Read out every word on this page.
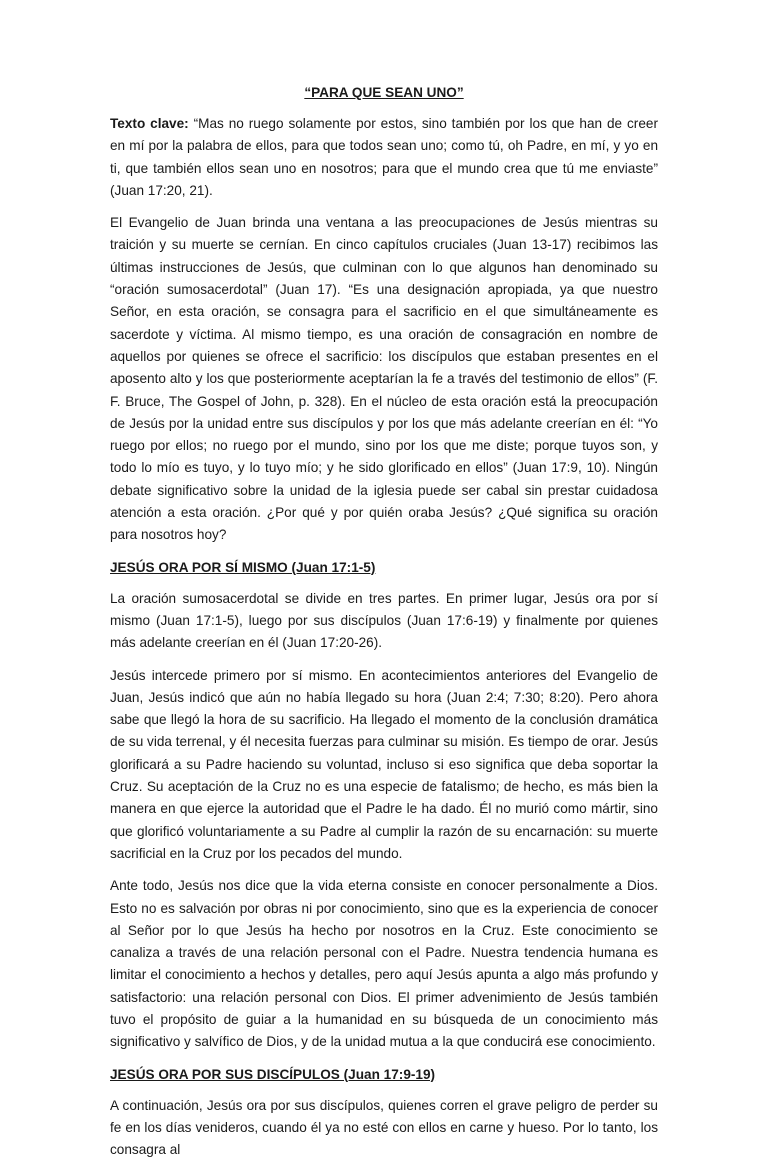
“PARA QUE SEAN UNO”

Texto clave: “Mas no ruego solamente por estos, sino también por los que han de creer en mí por la palabra de ellos, para que todos sean uno; como tú, oh Padre, en mí, y yo en ti, que también ellos sean uno en nosotros; para que el mundo crea que tú me enviaste” (Juan 17:20, 21).

El Evangelio de Juan brinda una ventana a las preocupaciones de Jesús mientras su traición y su muerte se cernían. En cinco capítulos cruciales (Juan 13-17) recibimos las últimas instrucciones de Jesús, que culminan con lo que algunos han denominado su “oración sumosacerdotal” (Juan 17). “Es una designación apropiada, ya que nuestro Señor, en esta oración, se consagra para el sacrificio en el que simultáneamente es sacerdote y víctima. Al mismo tiempo, es una oración de consagración en nombre de aquellos por quienes se ofrece el sacrificio: los discípulos que estaban presentes en el aposento alto y los que posteriormente aceptarían la fe a través del testimonio de ellos” (F. F. Bruce, The Gospel of John, p. 328). En el núcleo de esta oración está la preocupación de Jesús por la unidad entre sus discípulos y por los que más adelante creerían en él: “Yo ruego por ellos; no ruego por el mundo, sino por los que me diste; porque tuyos son, y todo lo mío es tuyo, y lo tuyo mío; y he sido glorificado en ellos” (Juan 17:9, 10). Ningún debate significativo sobre la unidad de la iglesia puede ser cabal sin prestar cuidadosa atención a esta oración. ¿Por qué y por quién oraba Jesús? ¿Qué significa su oración para nosotros hoy?

JESÚS ORA POR SÍ MISMO (Juan 17:1-5)

La oración sumosacerdotal se divide en tres partes. En primer lugar, Jesús ora por sí mismo (Juan 17:1-5), luego por sus discípulos (Juan 17:6-19) y finalmente por quienes más adelante creerían en él (Juan 17:20-26).

Jesús intercede primero por sí mismo. En acontecimientos anteriores del Evangelio de Juan, Jesús indicó que aún no había llegado su hora (Juan 2:4; 7:30; 8:20). Pero ahora sabe que llegó la hora de su sacrificio. Ha llegado el momento de la conclusión dramática de su vida terrenal, y él necesita fuerzas para culminar su misión. Es tiempo de orar. Jesús glorificará a su Padre haciendo su voluntad, incluso si eso significa que deba soportar la Cruz. Su aceptación de la Cruz no es una especie de fatalismo; de hecho, es más bien la manera en que ejerce la autoridad que el Padre le ha dado. Él no murió como mártir, sino que glorificó voluntariamente a su Padre al cumplir la razón de su encarnación: su muerte sacrificial en la Cruz por los pecados del mundo.

Ante todo, Jesús nos dice que la vida eterna consiste en conocer personalmente a Dios. Esto no es salvación por obras ni por conocimiento, sino que es la experiencia de conocer al Señor por lo que Jesús ha hecho por nosotros en la Cruz. Este conocimiento se canaliza a través de una relación personal con el Padre. Nuestra tendencia humana es limitar el conocimiento a hechos y detalles, pero aquí Jesús apunta a algo más profundo y satisfactorio: una relación personal con Dios. El primer advenimiento de Jesús también tuvo el propósito de guiar a la humanidad en su búsqueda de un conocimiento más significativo y salvífico de Dios, y de la unidad mutua a la que conducirá ese conocimiento.

JESÚS ORA POR SUS DISCÍPULOS (Juan 17:9-19)

A continuación, Jesús ora por sus discípulos, quienes corren el grave peligro de perder su fe en los días venideros, cuando él ya no esté con ellos en carne y hueso. Por lo tanto, los consagra al
